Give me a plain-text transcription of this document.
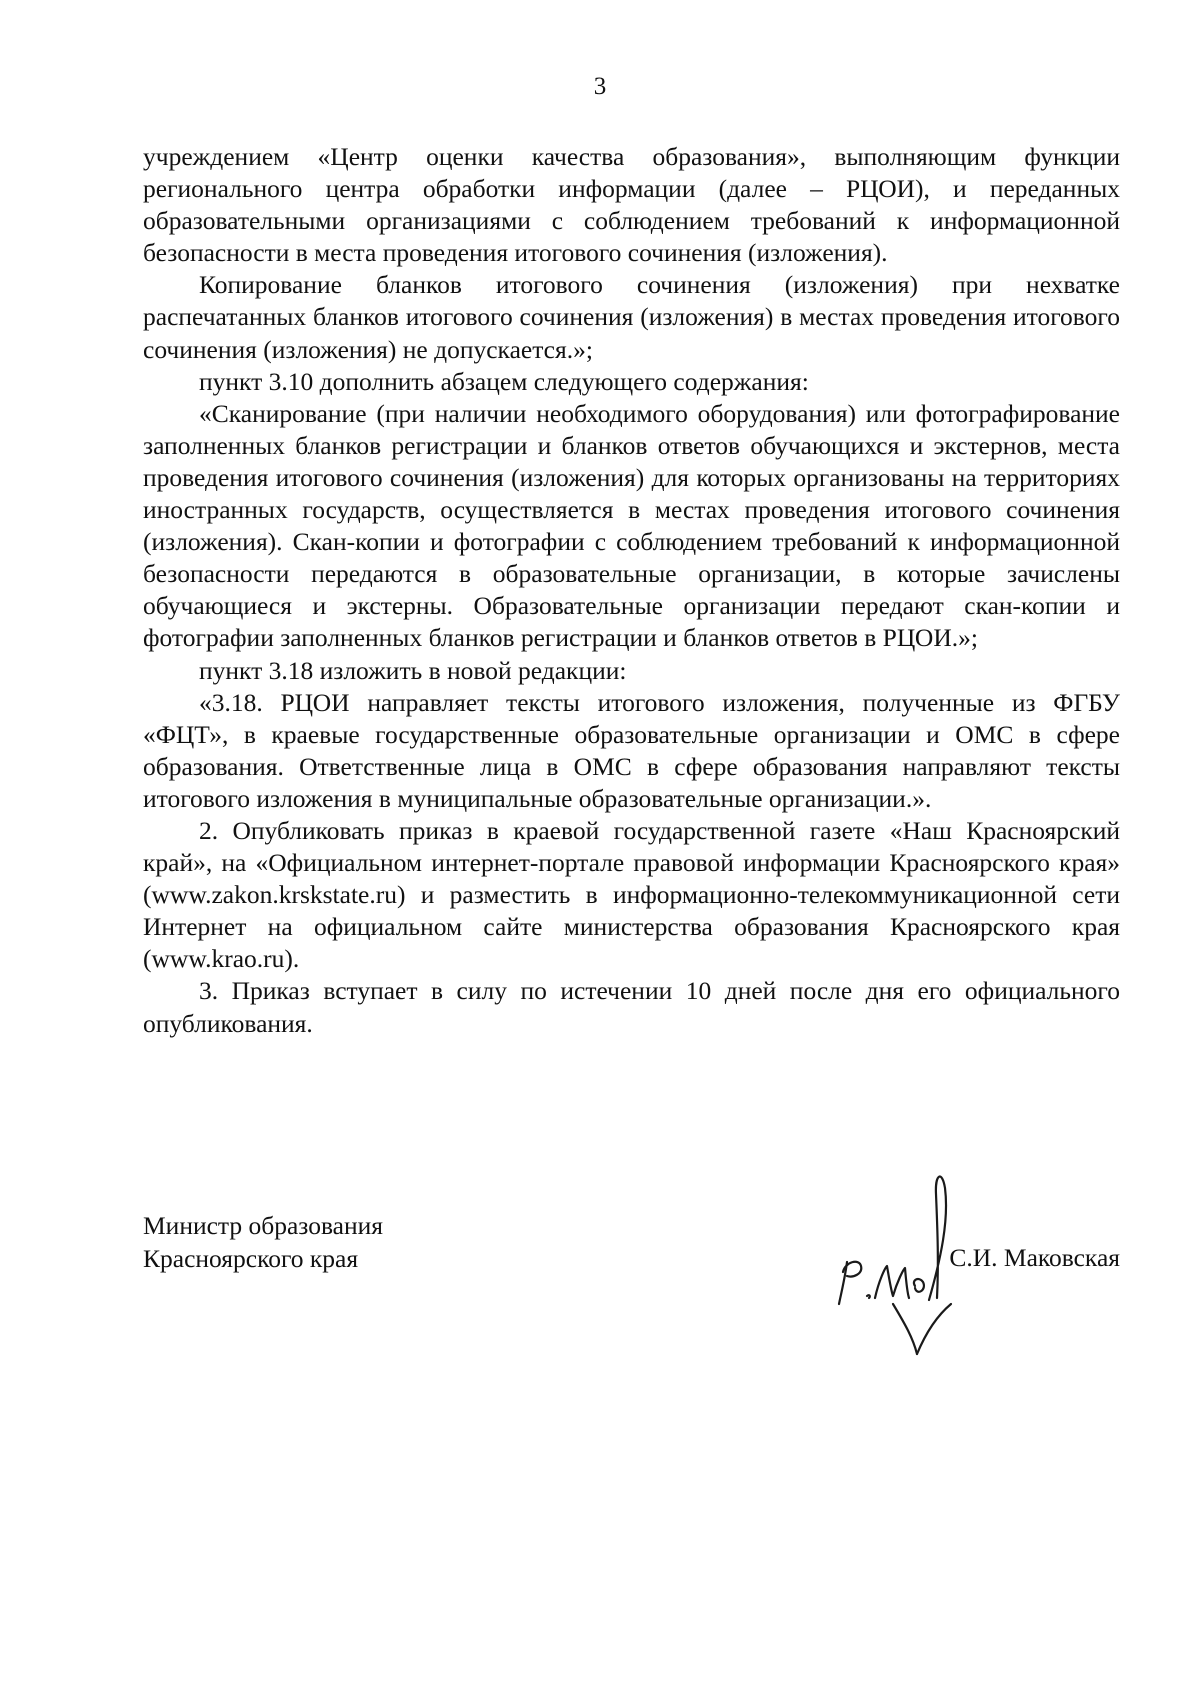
3

учреждением «Центр оценки качества образования», выполняющим функции регионального центра обработки информации (далее – РЦОИ), и переданных образовательными организациями с соблюдением требований к информационной безопасности в места проведения итогового сочинения (изложения).

Копирование бланков итогового сочинения (изложения) при нехватке распечатанных бланков итогового сочинения (изложения) в местах проведения итогового сочинения (изложения) не допускается.»;

пункт 3.10 дополнить абзацем следующего содержания:

«Сканирование (при наличии необходимого оборудования) или фотографирование заполненных бланков регистрации и бланков ответов обучающихся и экстернов, места проведения итогового сочинения (изложения) для которых организованы на территориях иностранных государств, осуществляется в местах проведения итогового сочинения (изложения). Скан-копии и фотографии с соблюдением требований к информационной безопасности передаются в образовательные организации, в которые зачислены обучающиеся и экстерны. Образовательные организации передают скан-копии и фотографии заполненных бланков регистрации и бланков ответов в РЦОИ.»;

пункт 3.18 изложить в новой редакции:

«3.18. РЦОИ направляет тексты итогового изложения, полученные из ФГБУ «ФЦТ», в краевые государственные образовательные организации и ОМС в сфере образования. Ответственные лица в ОМС в сфере образования направляют тексты итогового изложения в муниципальные образовательные организации.».

2. Опубликовать приказ в краевой государственной газете «Наш Красноярский край», на «Официальном интернет-портале правовой информации Красноярского края» (www.zakon.krskstate.ru) и разместить в информационно-телекоммуникационной сети Интернет на официальном сайте министерства образования Красноярского края (www.krao.ru).

3. Приказ вступает в силу по истечении 10 дней после дня его официального опубликования.

Министр образования
Красноярского края	С.И. Маковская
